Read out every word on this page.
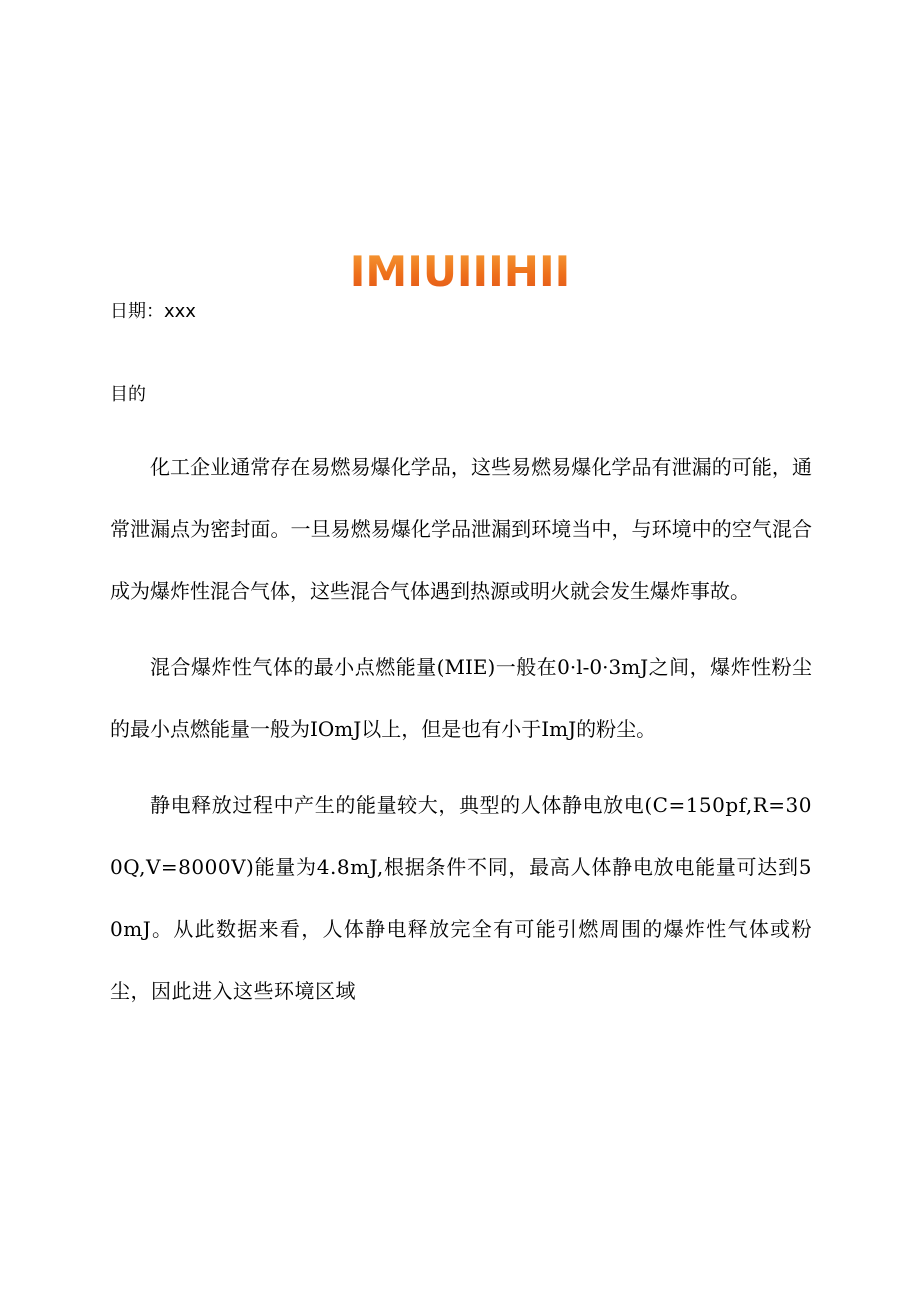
IMIUIIIHII
日期：xxx
目的

化工企业通常存在易燃易爆化学品，这些易燃易爆化学品有泄漏的可能，通常泄漏点为密封面。一旦易燃易爆化学品泄漏到环境当中，与环境中的空气混合成为爆炸性混合气体，这些混合气体遇到热源或明火就会发生爆炸事故。

混合爆炸性气体的最小点燃能量(MIE)一般在0·l-0·3mJ之间，爆炸性粉尘的最小点燃能量一般为IOmJ以上，但是也有小于ImJ的粉尘。

静电释放过程中产生的能量较大，典型的人体静电放电(C=150pf,R=300Q,V=8000V)能量为4.8mJ,根据条件不同，最高人体静电放电能量可达到50mJ。从此数据来看，人体静电释放完全有可能引燃周围的爆炸性气体或粉尘，因此进入这些环境区域
